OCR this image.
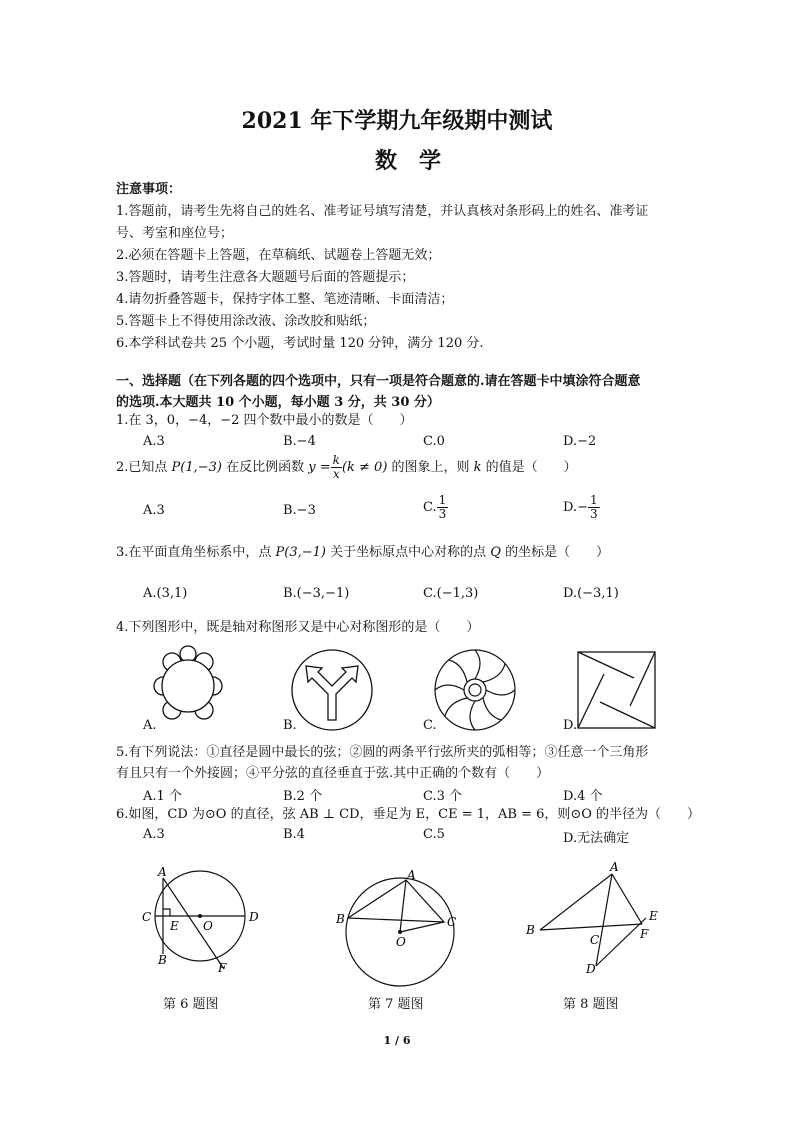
2021 年下学期九年级期中测试
数学
注意事项：
1.答题前，请考生先将自己的姓名、准考证号填写清楚，并认真核对条形码上的姓名、准考证
号、考室和座位号；
2.必须在答题卡上答题，在草稿纸、试题卷上答题无效；
3.答题时，请考生注意各大题题号后面的答题提示；
4.请勿折叠答题卡，保持字体工整、笔迹清晰、卡面清洁；
5.答题卡上不得使用涂改液、涂改胶和贴纸；
6.本学科试卷共 25 个小题，考试时量 120 分钟，满分 120 分.
一、选择题（在下列各题的四个选项中，只有一项是符合题意的.请在答题卡中填涂符合题意
的选项.本大题共 10 个小题，每小题 3 分，共 30 分）
1.在 3，0，−4，−2 四个数中最小的数是（　　）
A.3	B.−4	C.0	D.−2
2.已知点 P(1,−3) 在反比例函数 $y = \frac{k}{x} (k \ne 0)$ 的图象上，则 k 的值是（　　）
A.3	B.−3	C. $\frac{1}{3}$	$D.- \frac{1}{3}$
3.在平面直角坐标系中，点 P(3,−1) 关于坐标原点中心对称的点 Q 的坐标是（　　）
A.(3,1)	B.(−3,−1)	C.(−1,3)	D.(−3,1)
4.下列图形中，既是轴对称图形又是中心对称图形的是（　　）
A.	B.	C.	D.
5.有下列说法：①直径是圆中最长的弦；②圆的两条平行弦所夹的弧相等；③任意一个三角形
有且只有一个外接圆；④平分弦的直径垂直于弦.其中正确的个数有（　　）
A.1 个	B.2 个	C.3 个	D.4 个
6.如图，CD 为⊙O 的直径，弦 AB ⊥ CD，垂足为 E，CE = 1，AB = 6，则⊙O 的半径为（　　）
A.3	B.4	C.5	D.无法确定
A
C
E O
D
B
F
第 6 题图
A
B	C
O
第 7 题图
A
B
C
E
F
D
第 8 题图
1 / 6
